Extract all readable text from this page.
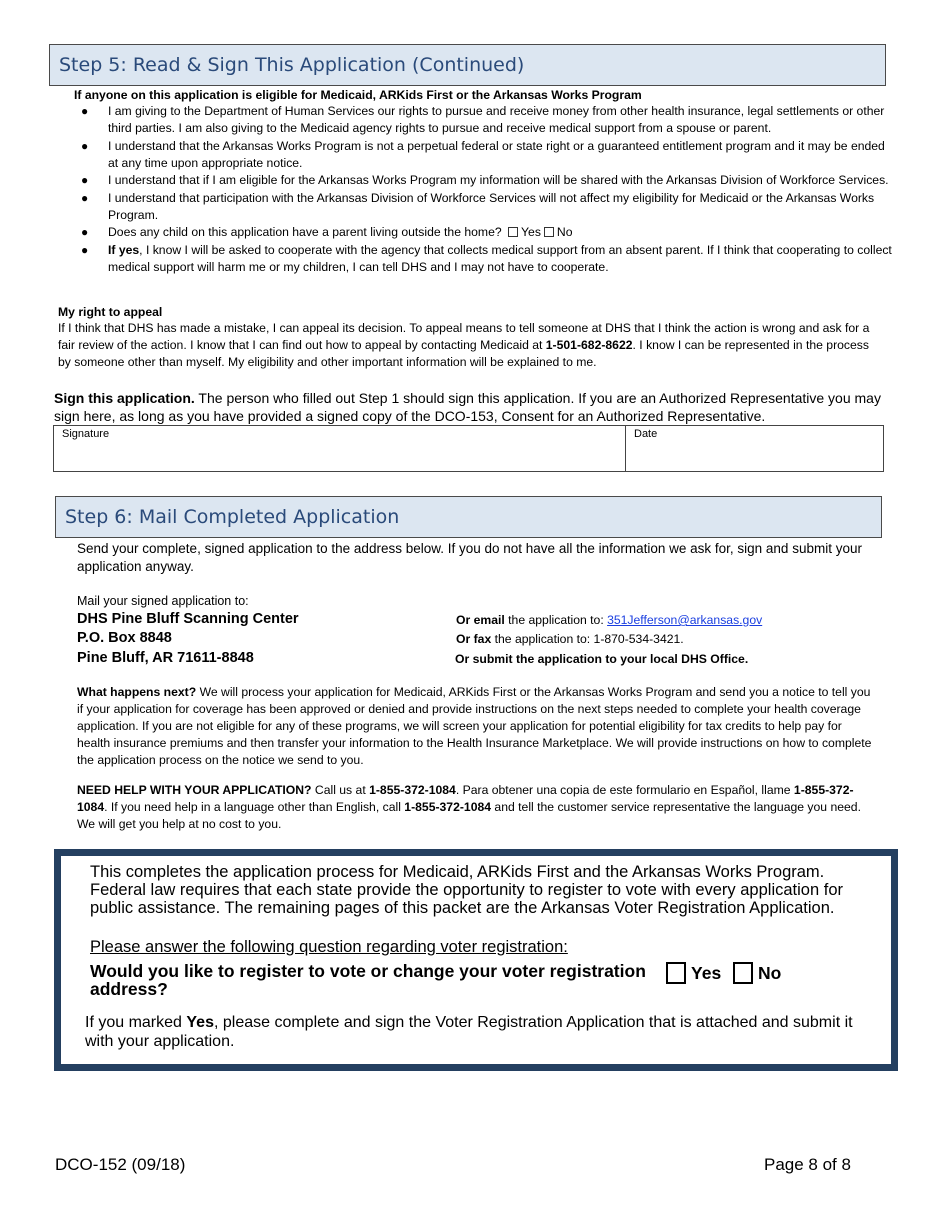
Step 5: Read & Sign This Application (Continued)
If anyone on this application is eligible for Medicaid, ARKids First or the Arkansas Works Program
● I am giving to the Department of Human Services our rights to pursue and receive money from other health insurance, legal settlements or other third parties. I am also giving to the Medicaid agency rights to pursue and receive medical support from a spouse or parent.
● I understand that the Arkansas Works Program is not a perpetual federal or state right or a guaranteed entitlement program and it may be ended at any time upon appropriate notice.
● I understand that if I am eligible for the Arkansas Works Program my information will be shared with the Arkansas Division of Workforce Services.
● I understand that participation with the Arkansas Division of Workforce Services will not affect my eligibility for Medicaid or the Arkansas Works Program.
● Does any child on this application have a parent living outside the home? Yes No
● If yes, I know I will be asked to cooperate with the agency that collects medical support from an absent parent. If I think that cooperating to collect medical support will harm me or my children, I can tell DHS and I may not have to cooperate.
My right to appeal
If I think that DHS has made a mistake, I can appeal its decision. To appeal means to tell someone at DHS that I think the action is wrong and ask for a fair review of the action. I know that I can find out how to appeal by contacting Medicaid at 1-501-682-8622. I know I can be represented in the process by someone other than myself. My eligibility and other important information will be explained to me.
Sign this application. The person who filled out Step 1 should sign this application. If you are an Authorized Representative you may sign here, as long as you have provided a signed copy of the DCO-153, Consent for an Authorized Representative.
Signature	Date
Step 6: Mail Completed Application
Send your complete, signed application to the address below. If you do not have all the information we ask for, sign and submit your application anyway.
Mail your signed application to:
DHS Pine Bluff Scanning Center
P.O. Box 8848
Pine Bluff, AR 71611-8848
Or email the application to: 351Jefferson@arkansas.gov
Or fax the application to: 1-870-534-3421.
Or submit the application to your local DHS Office.
What happens next? We will process your application for Medicaid, ARKids First or the Arkansas Works Program and send you a notice to tell you if your application for coverage has been approved or denied and provide instructions on the next steps needed to complete your health coverage application. If you are not eligible for any of these programs, we will screen your application for potential eligibility for tax credits to help pay for health insurance premiums and then transfer your information to the Health Insurance Marketplace. We will provide instructions on how to complete the application process on the notice we send to you.
NEED HELP WITH YOUR APPLICATION? Call us at 1-855-372-1084. Para obtener una copia de este formulario en Español, llame 1-855-372-1084. If you need help in a language other than English, call 1-855-372-1084 and tell the customer service representative the language you need. We will get you help at no cost to you.
This completes the application process for Medicaid, ARKids First and the Arkansas Works Program. Federal law requires that each state provide the opportunity to register to vote with every application for public assistance. The remaining pages of this packet are the Arkansas Voter Registration Application.
Please answer the following question regarding voter registration:
Would you like to register to vote or change your voter registration address?
Yes No
If you marked Yes, please complete and sign the Voter Registration Application that is attached and submit it with your application.
DCO-152 (09/18)	Page 8 of 8
